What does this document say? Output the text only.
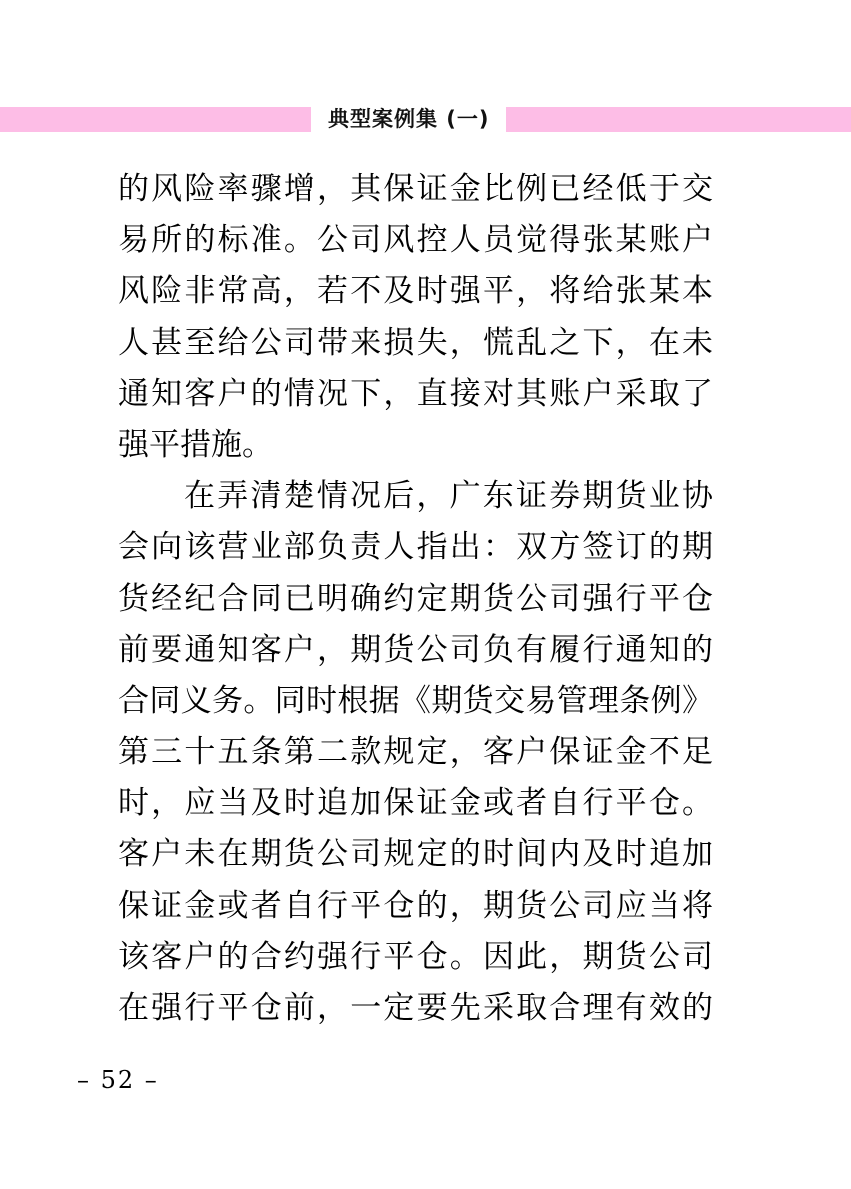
典型案例集 (一)
的风险率骤增，其保证金比例已经低于交
易所的标准。公司风控人员觉得张某账户
风险非常高，若不及时强平，将给张某本
人甚至给公司带来损失，慌乱之下，在未
通知客户的情况下，直接对其账户采取了
强平措施。
在弄清楚情况后，广东证券期货业协
会向该营业部负责人指出：双方签订的期
货经纪合同已明确约定期货公司强行平仓
前要通知客户，期货公司负有履行通知的
合同义务。同时根据《期货交易管理条例》
第三十五条第二款规定，客户保证金不足
时，应当及时追加保证金或者自行平仓。
客户未在期货公司规定的时间内及时追加
保证金或者自行平仓的，期货公司应当将
该客户的合约强行平仓。因此，期货公司
在强行平仓前，一定要先采取合理有效的
– 52 –
